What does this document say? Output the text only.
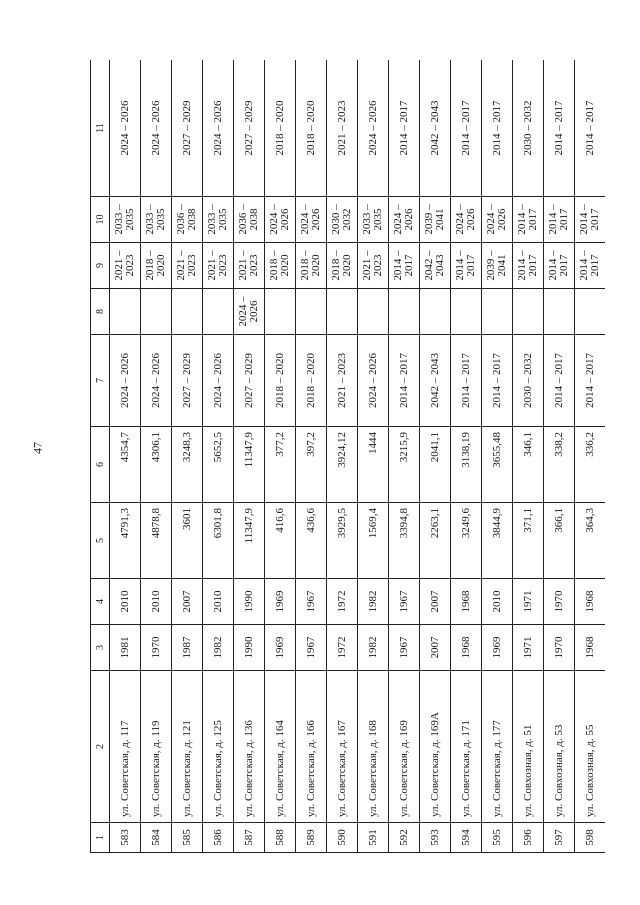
47
1	2	3	4	5	6	7	8	9	10	11
583	ул. Советская, д. 117	1981	2010	4791,3	4354,7	2024 – 2026		2021 – 2023	2033 – 2035	2024 – 2026
584	ул. Советская, д. 119	1970	2010	4878,8	4306,1	2024 – 2026		2018 – 2020	2033 – 2035	2024 – 2026
585	ул. Советская, д. 121	1987	2007	3601	3248,3	2027 – 2029		2021 – 2023	2036 – 2038	2027 – 2029
586	ул. Советская, д. 125	1982	2010	6301,8	5652,5	2024 – 2026		2021 – 2023	2033 – 2035	2024 – 2026
587	ул. Советская, д. 136	1990	1990	11347,9	11347,9	2027 – 2029	2024 – 2026	2021 – 2023	2036 – 2038	2027 – 2029
588	ул. Советская, д. 164	1969	1969	416,6	377,2	2018 – 2020		2018 – 2020	2024 – 2026	2018 – 2020
589	ул. Советская, д. 166	1967	1967	436,6	397,2	2018 – 2020		2018 – 2020	2024 – 2026	2018 – 2020
590	ул. Советская, д. 167	1972	1972	3929,5	3924,12	2021 – 2023		2018 – 2020	2030 – 2032	2021 – 2023
591	ул. Советская, д. 168	1982	1982	1569,4	1444	2024 – 2026		2021 – 2023	2033 – 2035	2024 – 2026
592	ул. Советская, д. 169	1967	1967	3394,8	3215,9	2014 – 2017		2014 – 2017	2024 – 2026	2014 – 2017
593	ул. Советская, д. 169А	2007	2007	2263,1	2041,1	2042 – 2043		2042 – 2043	2039 – 2041	2042 – 2043
594	ул. Советская, д. 171	1968	1968	3249,6	3138,19	2014 – 2017		2014 – 2017	2024 – 2026	2014 – 2017
595	ул. Советская, д. 177	1969	2010	3844,9	3655,48	2014 – 2017		2039 – 2041	2024 – 2026	2014 – 2017
596	ул. Совхозная, д. 51	1971	1971	371,1	346,1	2030 – 2032		2014 – 2017	2014 – 2017	2030 – 2032
597	ул. Совхозная, д. 53	1970	1970	366,1	338,2	2014 – 2017		2014 – 2017	2014 – 2017	2014 – 2017
598	ул. Совхозная, д. 55	1968	1968	364,3	336,2	2014 – 2017		2014 – 2017	2014 – 2017	2014 – 2017
